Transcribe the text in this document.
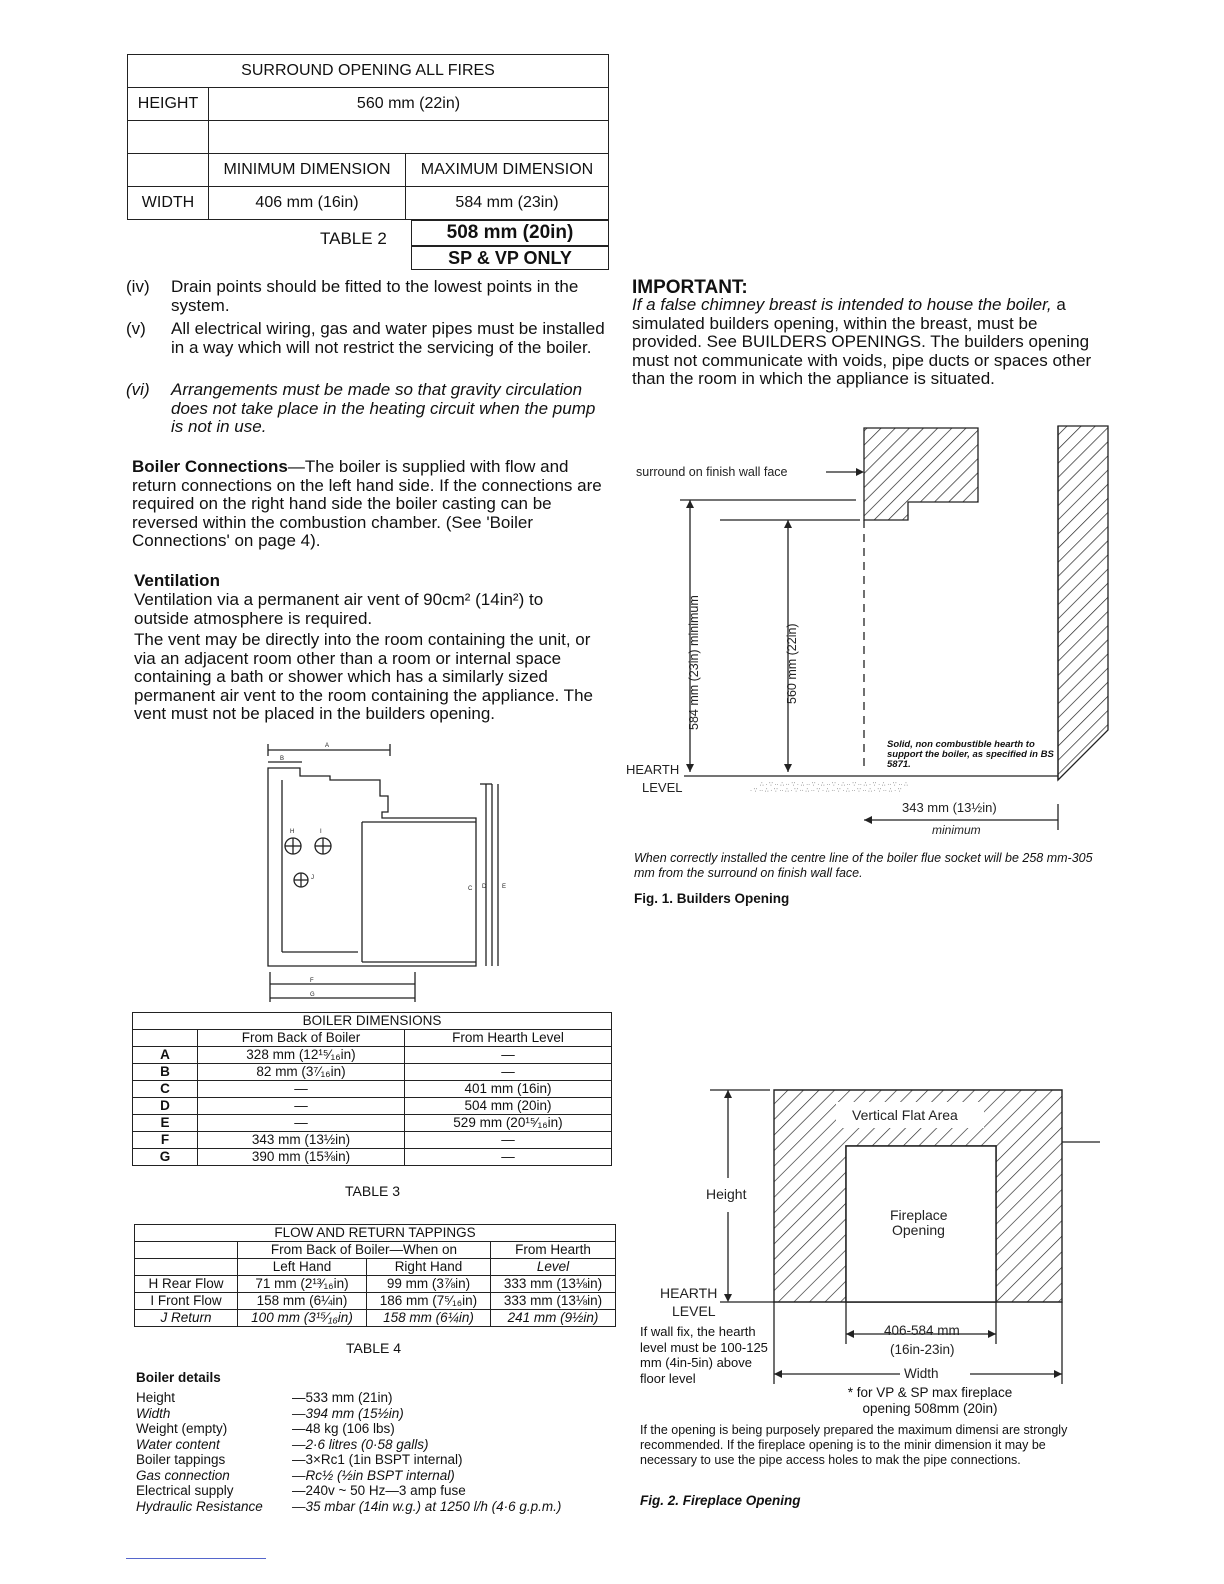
SURROUND OPENING ALL FIRES		
HEIGHT	560 mm (22in)	

	MINIMUM DIMENSION	MAXIMUM DIMENSION
WIDTH	406 mm (16in)	584 mm (23in)
TABLE 2	508 mm (20in)
SP & VP ONLY
(iv) Drain points should be fitted to the lowest points in the system.
(v) All electrical wiring, gas and water pipes must be installed in a way which will not restrict the servicing of the boiler.
(vi) Arrangements must be made so that gravity circulation does not take place in the heating circuit when the pump is not in use.
Boiler Connections—The boiler is supplied with flow and return connections on the left hand side. If the connections are required on the right hand side the boiler casting can be reversed within the combustion chamber. (See 'Boiler Connections' on page 4).
Ventilation
Ventilation via a permanent air vent of 90cm² (14in²) to outside atmosphere is required.
The vent may be directly into the room containing the unit, or via an adjacent room other than a room or internal space containing a bath or shower which has a similarly sized permanent air vent to the room containing the appliance. The vent must not be placed in the builders opening.
A
B
C D	E
F
G
H	I
J
BOILER DIMENSIONS		
	From Back of Boiler	From Hearth Level
A	328 mm (12¹⁵⁄₁₆in)	—
B	82 mm (3⁷⁄₁₆in)	—
C	—	401 mm (16in)
D	—	504 mm (20in)
E	—	529 mm (20¹⁵⁄₁₆in)
F	343 mm (13½in)	—
G	390 mm (15⅜in)	—
TABLE 3
FLOW AND RETURN TAPPINGS			
	From Back of Boiler—When on		From Hearth
	Left Hand	Right Hand	Level
H Rear Flow	71 mm (2¹³⁄₁₆in)	99 mm (3⅞in)	333 mm (13⅛in)
I Front Flow	158 mm (6¼in)	186 mm (7⁵⁄₁₆in)	333 mm (13⅛in)
J Return	100 mm (3¹⁵⁄₁₆in)	158 mm (6¼in)	241 mm (9½in)
TABLE 4
Boiler details
Height	—533 mm (21in)
Width	—394 mm (15½in)
Weight (empty)	—48 kg (106 lbs)
Water content	—2·6 litres (0·58 galls)
Boiler tappings	—3×Rc1 (1in BSPT internal)
Gas connection	—Rc½ (½in BSPT internal)
Electrical supply	—240v ~ 50 Hz—3 amp fuse
Hydraulic Resistance	—35 mbar (14in w.g.) at 1250 l/h (4·6 g.p.m.)
IMPORTANT:
If a false chimney breast is intended to house the boiler, a simulated builders opening, within the breast, must be provided. See BUILDERS OPENINGS. The builders opening must not communicate with voids, pipe ducts or spaces other than the room in which the appliance is situated.
∴ · ∵ ·· ∴ ·· ∵ · ∴ ·· ∵ · ∴ ·· ∵ · ∴ ·· ∵ ·· ∴ · ∵ · ∴ ·· ∵ ·· ∴
· ∵ ·· ∴ · ∵ ·· ∴ · ∵ ·· ∴ ·· ∵ · ∴ ·· ∵ · ∴ ·· ∵ ·· ∴ · ∵ ·· ∴ · ∵
surround on finish wall face
584 mm (23in) minimum	560 mm (22in)
HEARTH
LEVEL
343 mm (13½in)
minimum
Solid, non combustible hearth to support the boiler, as specified in BS 5871.
When correctly installed the centre line of the boiler flue socket will be 258 mm-305 mm from the surround on finish wall face.
Fig. 1. Builders Opening
Vertical Flat Area
Fireplace
Opening
Height
HEARTH
LEVEL
406-584 mm
(16in-23in)
Width
If wall fix, the hearth level must be 100-125 mm (4in-5in) above floor level
* for VP & SP max fireplace opening 508mm (20in)
If the opening is being purposely prepared the maximum dimensi are strongly recommended. If the fireplace opening is to the minir dimension it may be necessary to use the pipe access holes to mak the pipe connections.
Fig. 2. Fireplace Opening
